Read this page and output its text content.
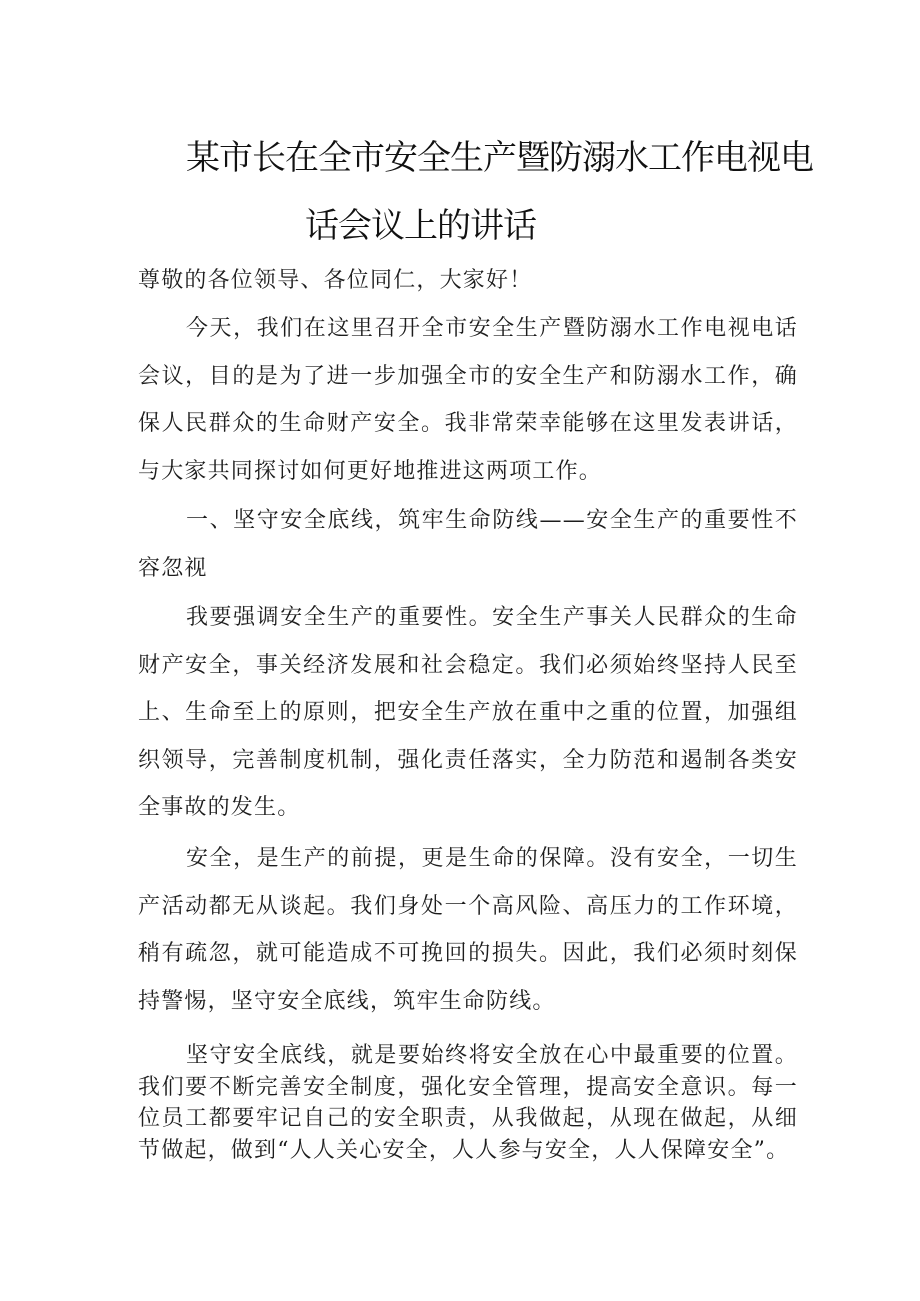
某市长在全市安全生产暨防溺水工作电视电
话会议上的讲话

尊敬的各位领导、各位同仁，大家好！

今天，我们在这里召开全市安全生产暨防溺水工作电视电话会议，目的是为了进一步加强全市的安全生产和防溺水工作，确保人民群众的生命财产安全。我非常荣幸能够在这里发表讲话，与大家共同探讨如何更好地推进这两项工作。

一、坚守安全底线，筑牢生命防线——安全生产的重要性不容忽视

我要强调安全生产的重要性。安全生产事关人民群众的生命财产安全，事关经济发展和社会稳定。我们必须始终坚持人民至上、生命至上的原则，把安全生产放在重中之重的位置，加强组织领导，完善制度机制，强化责任落实，全力防范和遏制各类安全事故的发生。

安全，是生产的前提，更是生命的保障。没有安全，一切生产活动都无从谈起。我们身处一个高风险、高压力的工作环境，稍有疏忽，就可能造成不可挽回的损失。因此，我们必须时刻保持警惕，坚守安全底线，筑牢生命防线。

坚守安全底线，就是要始终将安全放在心中最重要的位置。我们要不断完善安全制度，强化安全管理，提高安全意识。每一位员工都要牢记自己的安全职责，从我做起，从现在做起，从细节做起，做到“人人关心安全，人人参与安全，人人保障安全”。
